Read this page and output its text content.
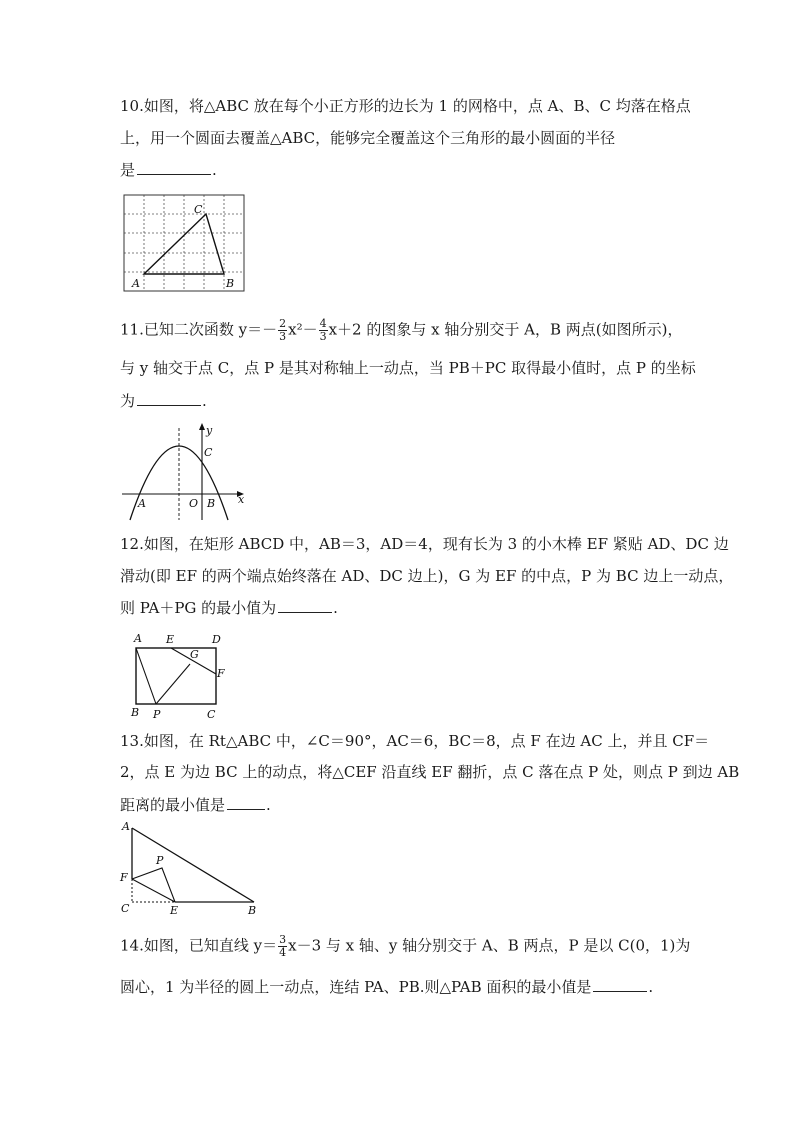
10.如图，将△ABC 放在每个小正方形的边长为 1 的网格中，点 A、B、C 均落在格点
上，用一个圆面去覆盖△ABC，能够完全覆盖这个三角形的最小圆面的半径
是	.
A	B
C
11.已知二次函数 $y=- \frac{2}{3} x^2- \frac{4}{3} x+2$ 的图象与 x 轴分别交于 A，B 两点(如图所示)，
与 y 轴交于点 C，点 P 是其对称轴上一动点，当 PB＋PC 取得最小值时，点 P 的坐标
为	.
y
x
C
A	O B
12.如图，在矩形 ABCD 中，AB＝3，AD＝4，现有长为 3 的小木棒 EF 紧贴 AD、DC 边
滑动(即 EF 的两个端点始终落在 AD、DC 边上)，G 为 EF 的中点，P 为 BC 边上一动点，
则 PA＋PG 的最小值为	.
A E	D
G
F
B P	C
13.如图，在 Rt△ABC 中，∠C＝90°，AC＝6，BC＝8，点 F 在边 AC 上，并且 CF＝
2，点 E 为边 BC 上的动点，将△CEF 沿直线 EF 翻折，点 C 落在点 P 处，则点 P 到边 AB
距离的最小值是	.
A
P
F
C	E	B
14.如图，已知直线 $y= \frac{3}{4} x-3$ 与 x 轴、y 轴分别交于 A、B 两点，P 是以 C(0，1)为
圆心，1 为半径的圆上一动点，连结 PA、PB.则△PAB 面积的最小值是	.
